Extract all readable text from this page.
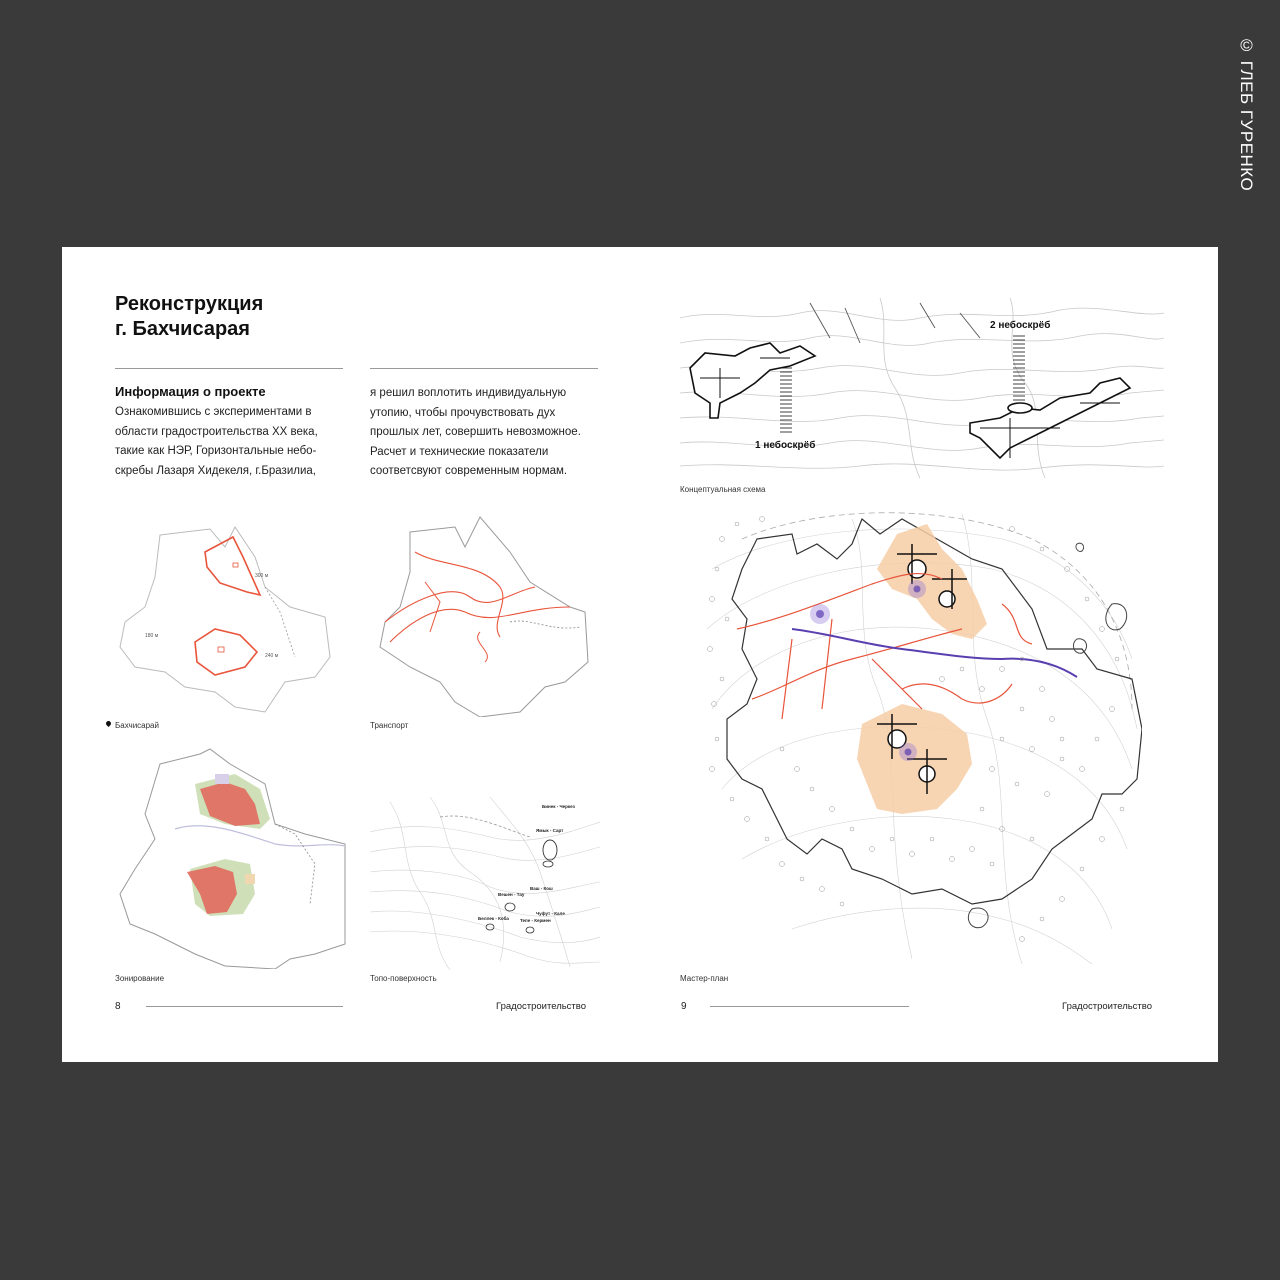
© ГЛЕБ ГУРЕНКО
Реконструкция
г. Бахчисарая
Информация о проекте
Ознакомившись с экспериментами в
области градостроительства XX века,
такие как НЭР, Горизонтальные небо-
скребы Лазаря Хидекеля, г.Бразилиа,
я решил воплотить индивидуальную
утопию, чтобы прочувствовать дух
прошлых лет, совершить невозможное.
Расчет и технические показатели
соответсвуют современным нормам.
180 м
300 м
240 м
Бахчисарай	Транспорт
Зонирование
Бинек - Черкез
Ямык - Сарт
Ваш - Кош
Вешен - Тау
Чуфут - Кале
Беллек - Коба Тепе - Кермен
Топо-поверхность
8	Градостроительство
1 небоскрёб
2 небоскрёб
Концептуальная схема
Мастер-план
9	Градостроительство
